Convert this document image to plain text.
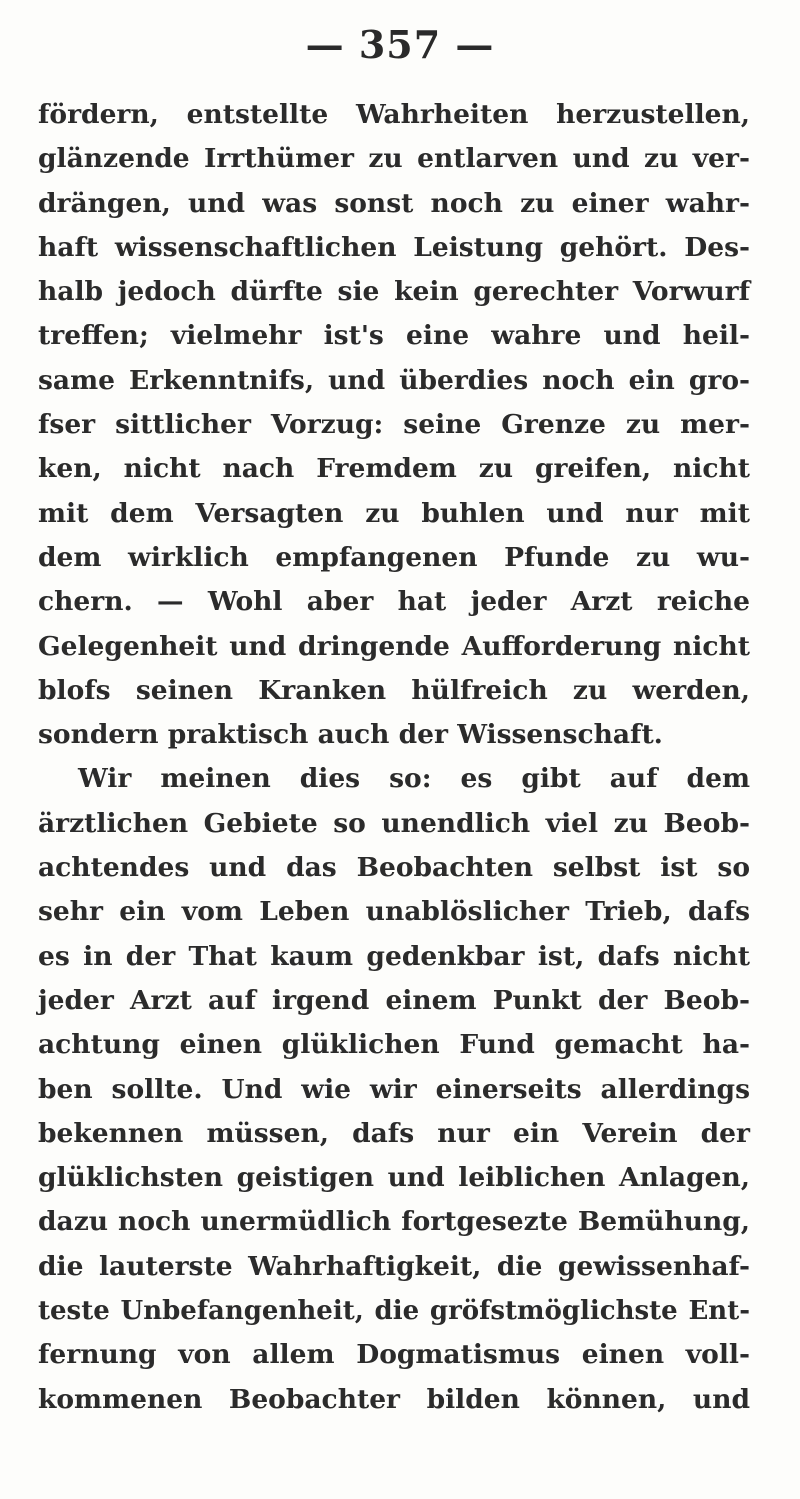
— 357 —
fördern, entstellte Wahrheiten herzustellen,
glänzende Irrthümer zu entlarven und zu ver-
drängen, und was sonst noch zu einer wahr-
haft wissenschaftlichen Leistung gehört. Des-
halb jedoch dürfte sie kein gerechter Vorwurf
treffen; vielmehr ist's eine wahre und heil-
same Erkenntnifs, und überdies noch ein gro-
fser sittlicher Vorzug: seine Grenze zu mer-
ken, nicht nach Fremdem zu greifen, nicht
mit dem Versagten zu buhlen und nur mit
dem wirklich empfangenen Pfunde zu wu-
chern. — Wohl aber hat jeder Arzt reiche
Gelegenheit und dringende Aufforderung nicht
blofs seinen Kranken hülfreich zu werden,
sondern praktisch auch der Wissenschaft.
Wir meinen dies so: es gibt auf dem
ärztlichen Gebiete so unendlich viel zu Beob-
achtendes und das Beobachten selbst ist so
sehr ein vom Leben unablöslicher Trieb, dafs
es in der That kaum gedenkbar ist, dafs nicht
jeder Arzt auf irgend einem Punkt der Beob-
achtung einen glüklichen Fund gemacht ha-
ben sollte. Und wie wir einerseits allerdings
bekennen müssen, dafs nur ein Verein der
glüklichsten geistigen und leiblichen Anlagen,
dazu noch unermüdlich fortgesezte Bemühung,
die lauterste Wahrhaftigkeit, die gewissenhaf-
teste Unbefangenheit, die gröfstmöglichste Ent-
fernung von allem Dogmatismus einen voll-
kommenen Beobachter bilden können, und
